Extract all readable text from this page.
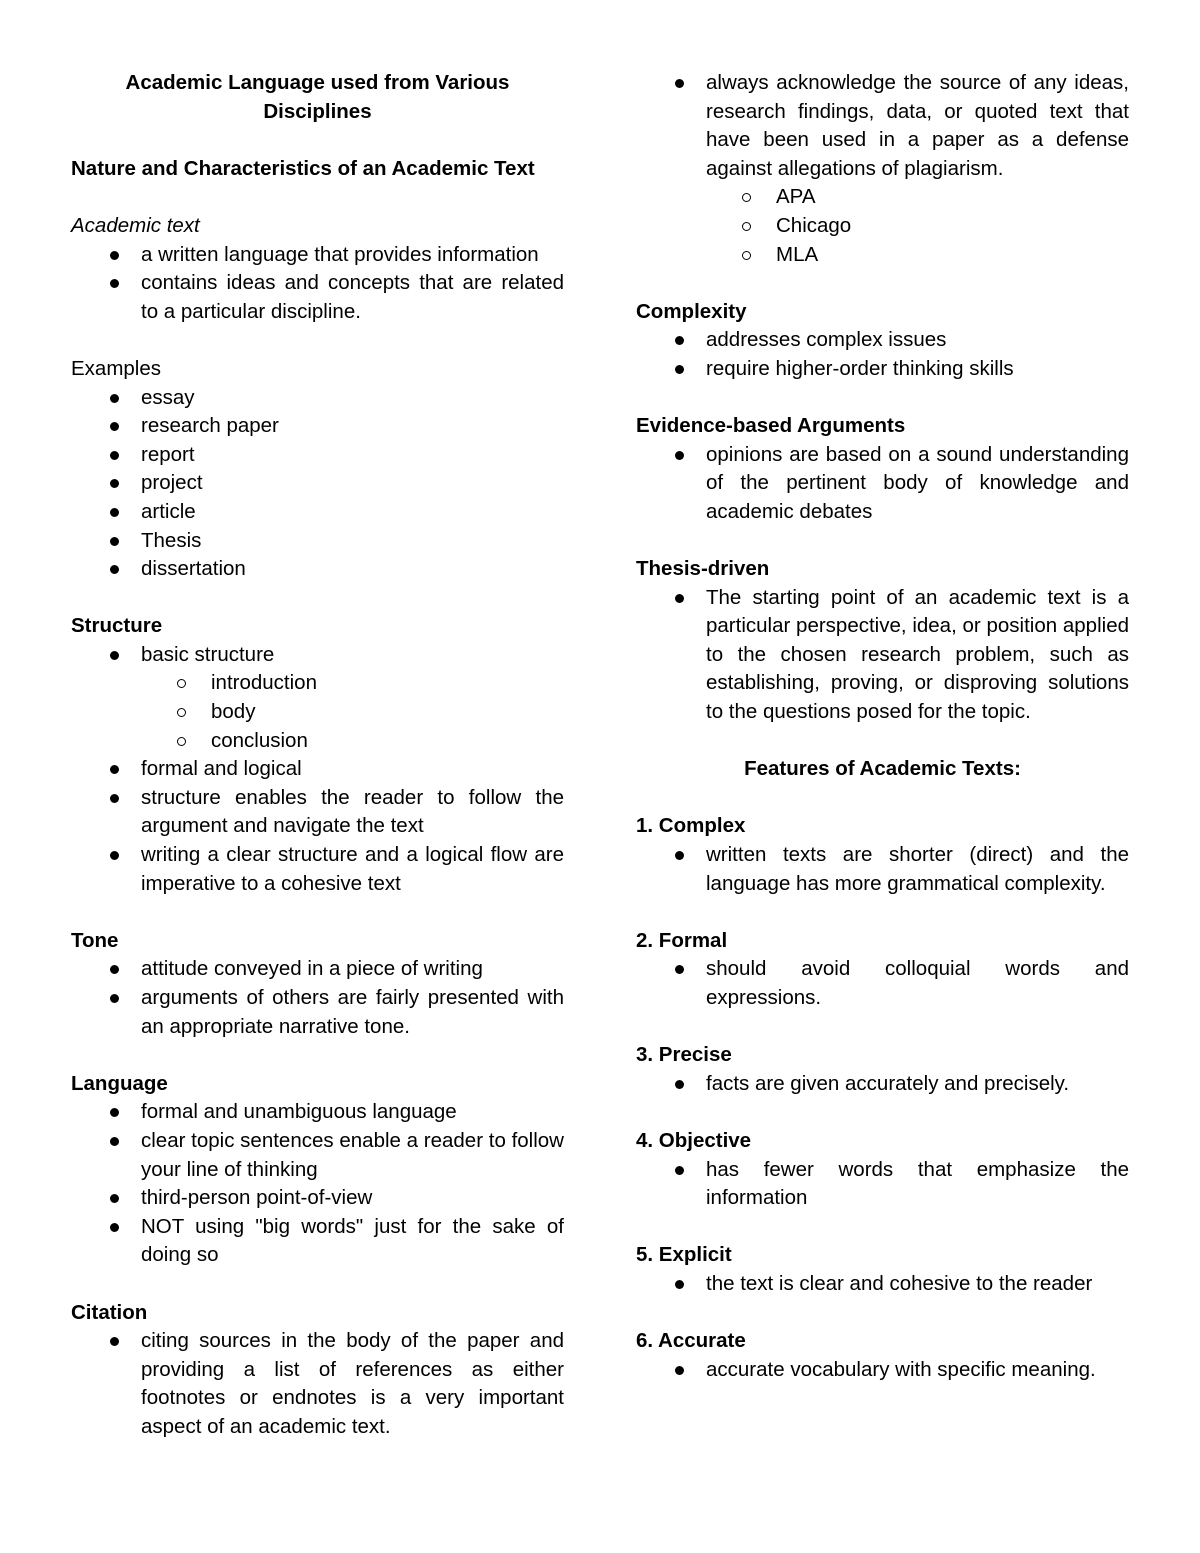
Academic Language used from Various

Disciplines

Nature and Characteristics of an Academic Text

Academic text

a written language that provides information
contains ideas and concepts that are related to a particular discipline.

Examples

essay
research paper
report
project
article
Thesis
dissertation

Structure

basic structure
introduction
body
conclusion
formal and logical
structure enables the reader to follow the argument and navigate the text
writing a clear structure and a logical flow are imperative to a cohesive text

Tone

attitude conveyed in a piece of writing
arguments of others are fairly presented with an appropriate narrative tone.

Language

formal and unambiguous language
clear topic sentences enable a reader to follow your line of thinking
third-person point-of-view
NOT using "big words" just for the sake of doing so

Citation

citing sources in the body of the paper and providing a list of references as either footnotes or endnotes is a very important aspect of an academic text.
always acknowledge the source of any ideas, research findings, data, or quoted text that have been used in a paper as a defense against allegations of plagiarism.
APA
Chicago
MLA

Complexity

addresses complex issues
require higher-order thinking skills

Evidence-based Arguments

opinions are based on a sound understanding of the pertinent body of knowledge and academic debates

Thesis-driven

The starting point of an academic text is a particular perspective, idea, or position applied to the chosen research problem, such as establishing, proving, or disproving solutions to the questions posed for the topic.

Features of Academic Texts:

1. Complex

written texts are shorter (direct) and the language has more grammatical complexity.

2. Formal

should avoid colloquial words and expressions.

3. Precise

facts are given accurately and precisely.

4. Objective

has fewer words that emphasize the information

5. Explicit

the text is clear and cohesive to the reader

6. Accurate

accurate vocabulary with specific meaning.
